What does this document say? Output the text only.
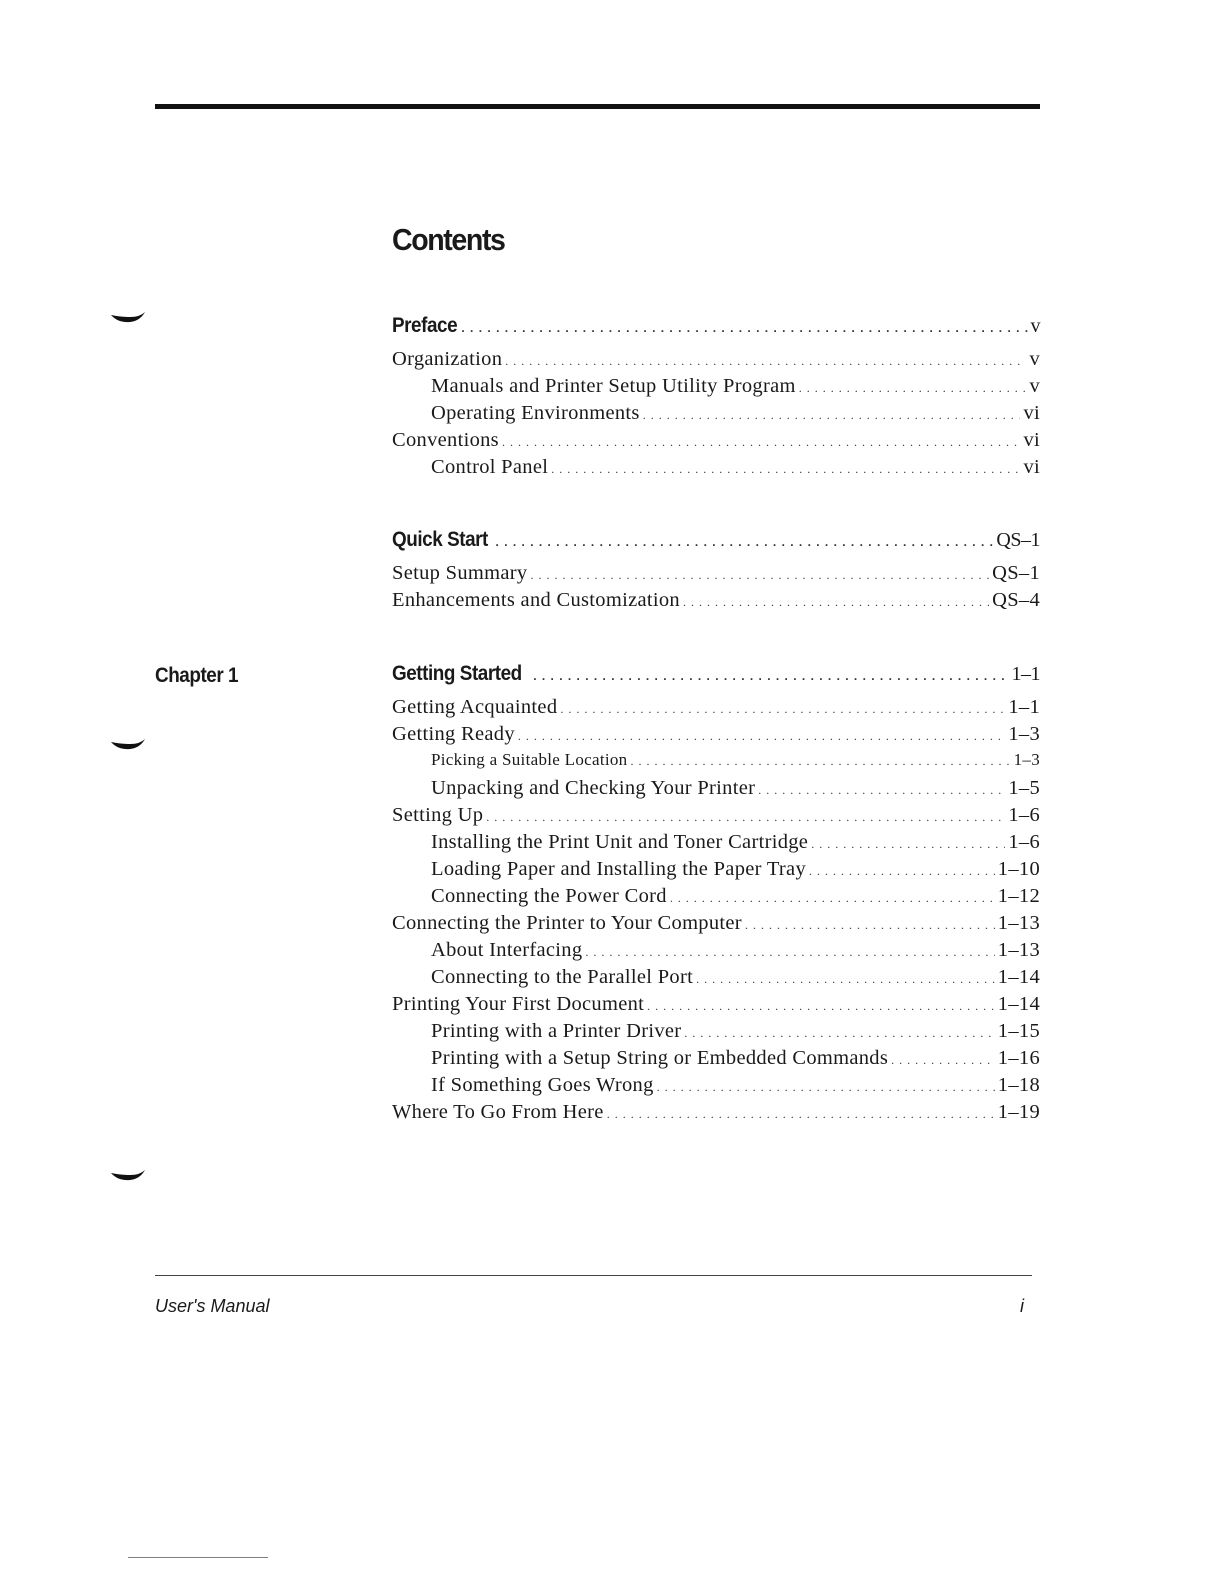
Contents
Chapter 1
Preface . . .	v
Organization . . .	v
Manuals and Printer Setup Utility Program . . .	v
Operating Environments . . .	vi
Conventions . . .	vi
Control Panel . . .	vi
Quick Start . . .	QS–1
Setup Summary . . .	QS–1
Enhancements and Customization . . .	QS–4
Getting Started . . .	1–1
Getting Acquainted . . .	1–1
Getting Ready . . .	1–3
Picking a Suitable Location . . .	1–3
Unpacking and Checking Your Printer . . .	1–5
Setting Up . . .	1–6
Installing the Print Unit and Toner Cartridge . . .	1–6
Loading Paper and Installing the Paper Tray . . .	1–10
Connecting the Power Cord . . .	1–12
Connecting the Printer to Your Computer . . .	1–13
About Interfacing . . .	1–13
Connecting to the Parallel Port . . .	1–14
Printing Your First Document . . .	1–14
Printing with a Printer Driver . . .	1–15
Printing with a Setup String or Embedded Commands . . .	1–16
If Something Goes Wrong . . .	1–18
Where To Go From Here . . .	1–19
User's Manual	i
